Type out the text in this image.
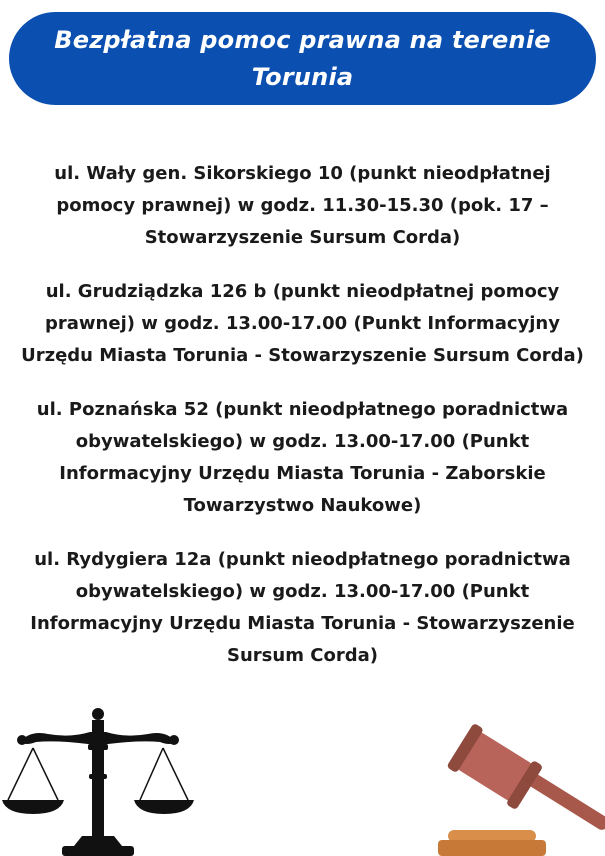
Bezpłatna pomoc prawna na terenie Torunia

ul. Wały gen. Sikorskiego 10 (punkt nieodpłatnej pomocy prawnej) w godz. 11.30-15.30 (pok. 17 – Stowarzyszenie Sursum Corda)

ul. Grudziądzka 126 b (punkt nieodpłatnej pomocy prawnej) w godz. 13.00-17.00 (Punkt Informacyjny Urzędu Miasta Torunia - Stowarzyszenie Sursum Corda)

ul. Poznańska 52 (punkt nieodpłatnego poradnictwa obywatelskiego) w godz. 13.00-17.00 (Punkt Informacyjny Urzędu Miasta Torunia - Zaborskie Towarzystwo Naukowe)

ul. Rydygiera 12a (punkt nieodpłatnego poradnictwa obywatelskiego) w godz. 13.00-17.00 (Punkt Informacyjny Urzędu Miasta Torunia - Stowarzyszenie Sursum Corda)
